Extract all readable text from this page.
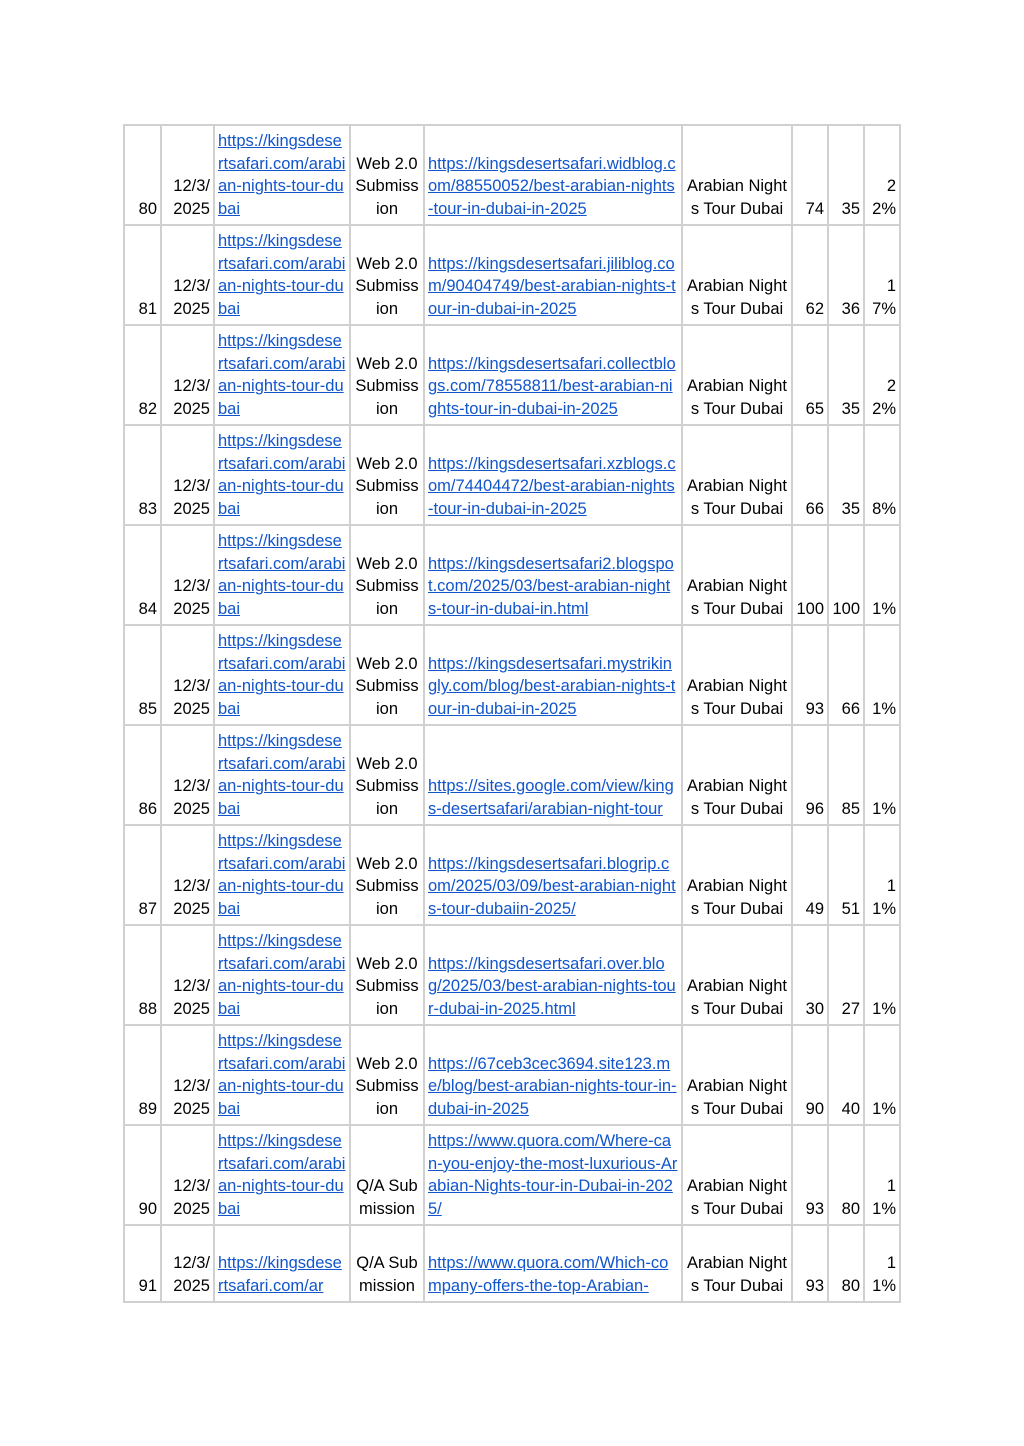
80	12/3/2025	https://kingsdesertsafari.com/arabian-nights-tour-dubai	Web 2.0 Submission	https://kingsdesertsafari.widblog.com/88550052/best-arabian-nights-tour-in-dubai-in-2025	Arabian Nights Tour Dubai	74	35	22%
81	12/3/2025	https://kingsdesertsafari.com/arabian-nights-tour-dubai	Web 2.0 Submission	https://kingsdesertsafari.jiliblog.com/90404749/best-arabian-nights-tour-in-dubai-in-2025	Arabian Nights Tour Dubai	62	36	17%
82	12/3/2025	https://kingsdesertsafari.com/arabian-nights-tour-dubai	Web 2.0 Submission	https://kingsdesertsafari.collectblogs.com/78558811/best-arabian-nights-tour-in-dubai-in-2025	Arabian Nights Tour Dubai	65	35	22%
83	12/3/2025	https://kingsdesertsafari.com/arabian-nights-tour-dubai	Web 2.0 Submission	https://kingsdesertsafari.xzblogs.com/74404472/best-arabian-nights-tour-in-dubai-in-2025	Arabian Nights Tour Dubai	66	35	8%
84	12/3/2025	https://kingsdesertsafari.com/arabian-nights-tour-dubai	Web 2.0 Submission	https://kingsdesertsafari2.blogspot.com/2025/03/best-arabian-nights-tour-in-dubai-in.html	Arabian Nights Tour Dubai	100	100	1%
85	12/3/2025	https://kingsdesertsafari.com/arabian-nights-tour-dubai	Web 2.0 Submission	https://kingsdesertsafari.mystrikingly.com/blog/best-arabian-nights-tour-in-dubai-in-2025	Arabian Nights Tour Dubai	93	66	1%
86	12/3/2025	https://kingsdesertsafari.com/arabian-nights-tour-dubai	Web 2.0 Submission	https://sites.google.com/view/kings-desertsafari/arabian-night-tour	Arabian Nights Tour Dubai	96	85	1%
87	12/3/2025	https://kingsdesertsafari.com/arabian-nights-tour-dubai	Web 2.0 Submission	https://kingsdesertsafari.blogrip.com/2025/03/09/best-arabian-nights-tour-dubaiin-2025/	Arabian Nights Tour Dubai	49	51	11%
88	12/3/2025	https://kingsdesertsafari.com/arabian-nights-tour-dubai	Web 2.0 Submission	https://kingsdesertsafari.over.blog/2025/03/best-arabian-nights-tour-dubai-in-2025.html	Arabian Nights Tour Dubai	30	27	1%
89	12/3/2025	https://kingsdesertsafari.com/arabian-nights-tour-dubai	Web 2.0 Submission	https://67ceb3cec3694.site123.me/blog/best-arabian-nights-tour-in-dubai-in-2025	Arabian Nights Tour Dubai	90	40	1%
90	12/3/2025	https://kingsdesertsafari.com/arabian-nights-tour-dubai	Q/A Submission	https://www.quora.com/Where-can-you-enjoy-the-most-luxurious-Arabian-Nights-tour-in-Dubai-in-2025/	Arabian Nights Tour Dubai	93	80	11%
91	12/3/2025	https://kingsdesertsafari.com/ar	Q/A Submission	https://www.quora.com/Which-company-offers-the-top-Arabian-	Arabian Nights Tour Dubai	93	80	11%
